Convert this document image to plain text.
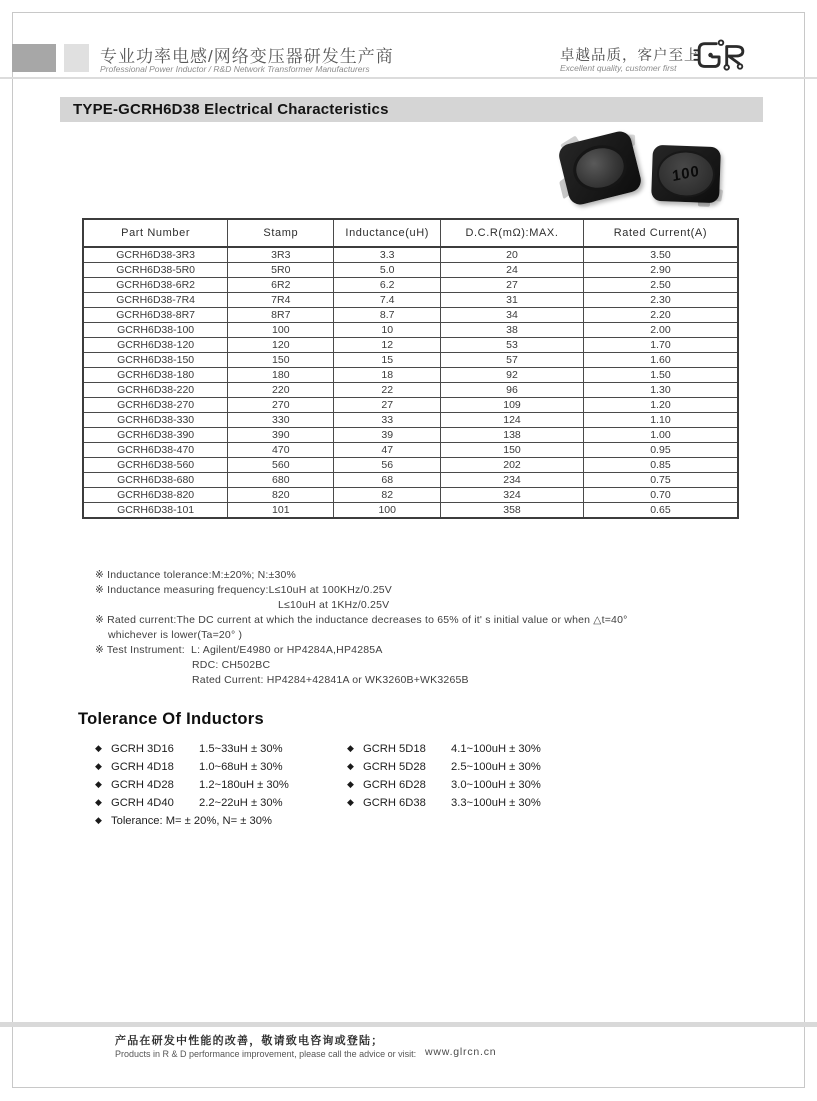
专业功率电感/网络变压器研发生产商
Professional Power Inductor / R&D Network Transformer Manufacturers
卓越品质，客户至上
Excellent quality, customer first
TYPE-GCRH6D38 Electrical Characteristics
100
Part Number	Stamp	Inductance(uH)	D.C.R(mΩ):MAX.	Rated Current(A)
GCRH6D38-3R3	3R3	3.3	20	3.50
GCRH6D38-5R0	5R0	5.0	24	2.90
GCRH6D38-6R2	6R2	6.2	27	2.50
GCRH6D38-7R4	7R4	7.4	31	2.30
GCRH6D38-8R7	8R7	8.7	34	2.20
GCRH6D38-100	100	10	38	2.00
GCRH6D38-120	120	12	53	1.70
GCRH6D38-150	150	15	57	1.60
GCRH6D38-180	180	18	92	1.50
GCRH6D38-220	220	22	96	1.30
GCRH6D38-270	270	27	109	1.20
GCRH6D38-330	330	33	124	1.10
GCRH6D38-390	390	39	138	1.00
GCRH6D38-470	470	47	150	0.95
GCRH6D38-560	560	56	202	0.85
GCRH6D38-680	680	68	234	0.75
GCRH6D38-820	820	82	324	0.70
GCRH6D38-101	101	100	358	0.65
※ Inductance tolerance:M:±20%; N:±30%
※ Inductance measuring frequency:L≤10uH at 100KHz/0.25V
L≤10uH at 1KHz/0.25V
※ Rated current:The DC current at which the inductance decreases to 65% of it' s initial value or when △t=40°
whichever is lower(Ta=20° )
※ Test Instrument:  L: Agilent/E4980 or HP4284A,HP4285A
RDC: CH502BC
Rated Current: HP4284+42841A or WK3260B+WK3265B
Tolerance Of Inductors
◆ GCRH 3D16 1.5~33uH ± 30%
◆ GCRH 4D18 1.0~68uH ± 30%
◆ GCRH 4D28 1.2~180uH ± 30%
◆ GCRH 4D40 2.2~22uH ± 30%
◆ Tolerance: M= ± 20%, N= ± 30%
◆ GCRH 5D18 4.1~100uH ± 30%
◆ GCRH 5D28 2.5~100uH ± 30%
◆ GCRH 6D28 3.0~100uH ± 30%
◆ GCRH 6D38 3.3~100uH ± 30%
产品在研发中性能的改善，敬请致电咨询或登陆；
Products in R & D performance improvement, please call the advice or visit: www.glrcn.cn
